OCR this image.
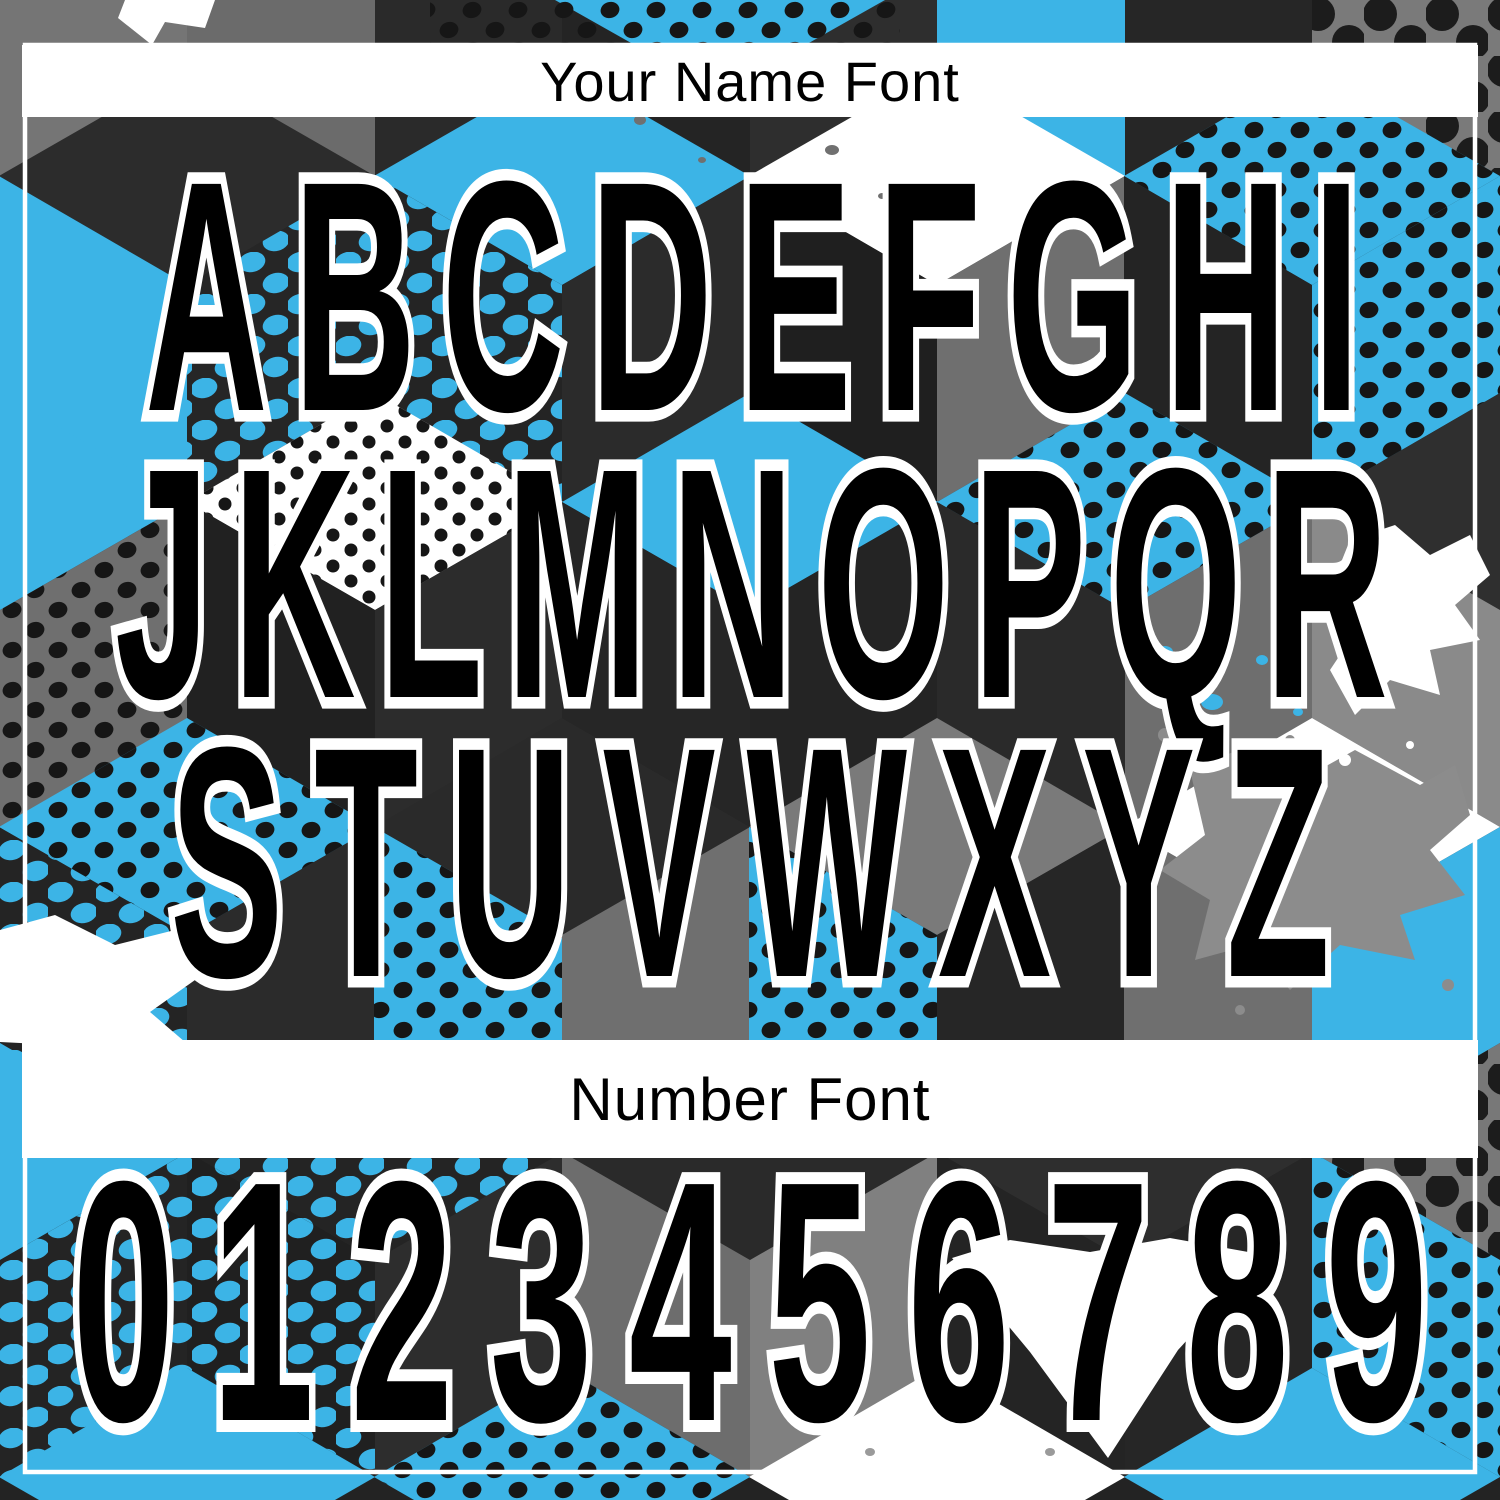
Your Name Font
Number Font
ABCDEFGHI
JKLMNOPQR
STUVWXYZ
0123456789
